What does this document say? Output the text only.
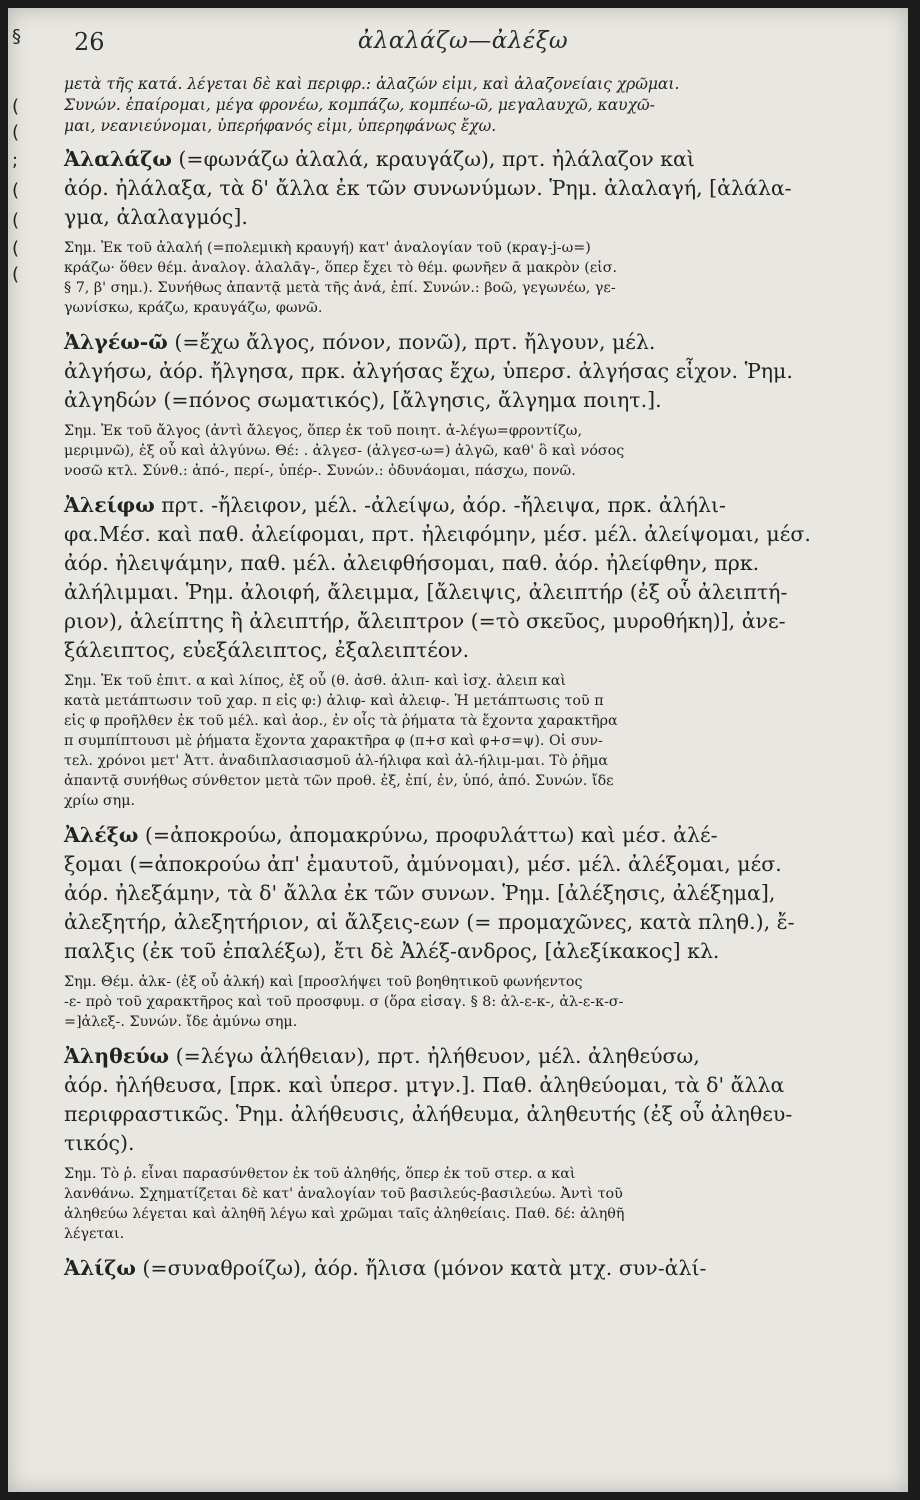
§
(
(
;
(
(
(
(
26	ἀλαλάζω—ἀλέξω

μετὰ τῆς κατά. λέγεται δὲ καὶ περιφρ.: ἀλαζών εἰμι, καὶ ἀλαζονείαις χρῶμαι.

Συνών. ἐπαίρομαι, μέγα φρονέω, κομπάζω, κομπέω-ῶ, μεγαλαυχῶ, καυχῶ-

μαι, νεανιεύνομαι, ὑπερήφανός εἰμι, ὑπερηφάνως ἔχω.

Ἀλαλάζω (=φωνάζω ἀλαλά, κραυγάζω), πρτ. ἠλάλαζον καὶ

ἀόρ. ἠλάλαξα, τὰ δ' ἄλλα ἐκ τῶν συνωνύμων. Ῥημ. ἀλαλαγή, [ἀλάλα-

γμα, ἀλαλαγμός].

Σημ. Ἐκ τοῦ ἀλαλή (=πολεμικὴ κραυγή) κατ' ἀναλογίαν τοῦ (κραγ-j-ω=)

κράζω· ὅθεν θέμ. ἀναλογ. ἀλαλᾱγ-, ὅπερ ἔχει τὸ θέμ. φωνῆεν ᾱ μακρὸν (εἰσ.

§ 7, β' σημ.). Συνήθως ἀπαντᾷ μετὰ τῆς ἀνά, ἐπί. Συνών.: βοῶ, γεγωνέω, γε-

γωνίσκω, κράζω, κραυγάζω, φωνῶ.

Ἀλγέω-ῶ (=ἔχω ἄλγος, πόνον, πονῶ), πρτ. ἤλγουν, μέλ.

ἀλγήσω, ἀόρ. ἤλγησα, πρκ. ἀλγήσας ἔχω, ὑπερσ. ἀλγήσας εἶχον. Ῥημ.

ἀλγηδών (=πόνος σωματικός), [ἄλγησις, ἄλγημα ποιητ.].

Σημ. Ἐκ τοῦ ἄλγος (ἀντὶ ἄλεγος, ὅπερ ἐκ τοῦ ποιητ. ἀ-λέγω=φροντίζω,

μεριμνῶ), ἐξ οὗ καὶ ἀλγύνω. Θέ: . ἀλγεσ- (ἀλγεσ-ω=) ἀλγῶ, καθ' ὃ καὶ νόσος

νοσῶ κτλ. Σύνθ.: ἀπό-, περί-, ὑπέρ-. Συνών.: ὀδυνάομαι, πάσχω, πονῶ.

Ἀλείφω πρτ. -ἤλειφον, μέλ. -ἀλείψω, ἀόρ. -ἤλειψα, πρκ. ἀλήλι-

φα.Μέσ. καὶ παθ. ἀλείφομαι, πρτ. ἠλειφόμην, μέσ. μέλ. ἀλείψομαι, μέσ.

ἀόρ. ἠλειψάμην, παθ. μέλ. ἀλειφθήσομαι, παθ. ἀόρ. ἠλείφθην, πρκ.

ἀλήλιμμαι. Ῥημ. ἀλοιφή, ἄλειμμα, [ἄλειψις, ἀλειπτήρ (ἐξ οὗ ἀλειπτή-

ριον), ἀλείπτης ἢ ἀλειπτήρ, ἄλειπτρον (=τὸ σκεῦος, μυροθήκη)], ἀνε-

ξάλειπτος, εὐεξάλειπτος, ἐξαλειπτέον.

Σημ. Ἐκ τοῦ ἐπιτ. α καὶ λίπος, ἐξ οὗ (θ. ἀσθ. ἀλιπ- καὶ ἰσχ. ἀλειπ καὶ

κατὰ μετάπτωσιν τοῦ χαρ. π εἰς φ:) ἀλιφ- καὶ ἀλειφ-. Ἡ μετάπτωσις τοῦ π

εἰς φ προῆλθεν ἐκ τοῦ μέλ. καὶ ἀορ., ἐν οἷς τὰ ῥήματα τὰ ἔχοντα χαρακτῆρα

π συμπίπτουσι μὲ ῥήματα ἔχοντα χαρακτῆρα φ (π+σ καὶ φ+σ=ψ). Οἱ συν-

τελ. χρόνοι μετ' Ἀττ. ἀναδιπλασιασμοῦ ἀλ-ήλιφα καὶ ἀλ-ήλιμ-μαι. Τὸ ῥῆμα

ἀπαντᾷ συνήθως σύνθετον μετὰ τῶν προθ. ἐξ, ἐπί, ἐν, ὑπό, ἀπό. Συνών. ἴδε

χρίω σημ.

Ἀλέξω (=ἀποκρούω, ἀπομακρύνω, προφυλάττω) καὶ μέσ. ἀλέ-

ξομαι (=ἀποκρούω ἀπ' ἐμαυτοῦ, ἀμύνομαι), μέσ. μέλ. ἀλέξομαι, μέσ.

ἀόρ. ἠλεξάμην, τὰ δ' ἄλλα ἐκ τῶν συνων. Ῥημ. [ἀλέξησις, ἀλέξημα],

ἀλεξητήρ, ἀλεξητήριον, αἱ ἄλξεις-εων (= προμαχῶνες, κατὰ πληθ.), ἔ-

παλξις (ἐκ τοῦ ἐπαλέξω), ἔτι δὲ Ἀλέξ-ανδρος, [ἀλεξίκακος] κλ.

Σημ. Θέμ. ἀλκ- (ἐξ οὗ ἀλκή) καὶ [προσλήψει τοῦ βοηθητικοῦ φωνήεντος

-ε- πρὸ τοῦ χαρακτῆρος καὶ τοῦ προσφυμ. σ (ὅρα εἰσαγ. § 8: ἀλ-ε-κ-, ἀλ-ε-κ-σ-

=]ἀλεξ-. Συνών. ἴδε ἀμύνω σημ.

Ἀληθεύω (=λέγω ἀλήθειαν), πρτ. ἠλήθευον, μέλ. ἀληθεύσω,

ἀόρ. ἠλήθευσα, [πρκ. καὶ ὑπερσ. μτγν.]. Παθ. ἀληθεύομαι, τὰ δ' ἄλλα

περιφραστικῶς. Ῥημ. ἀλήθευσις, ἀλήθευμα, ἀληθευτής (ἐξ οὗ ἀληθευ-

τικός).

Σημ. Τὸ ῥ. εἶναι παρασύνθετον ἐκ τοῦ ἀληθής, ὅπερ ἐκ τοῦ στερ. α καὶ

λανθάνω. Σχηματίζεται δὲ κατ' ἀναλογίαν τοῦ βασιλεύς-βασιλεύω. Ἀντὶ τοῦ

ἀληθεύω λέγεται καὶ ἀληθῆ λέγω καὶ χρῶμαι ταῖς ἀληθείαις. Παθ. δέ: ἀληθῆ

λέγεται.

Ἀλίζω (=συναθροίζω), ἀόρ. ἤλισα (μόνον κατὰ μτχ. συν-ἀλί-
